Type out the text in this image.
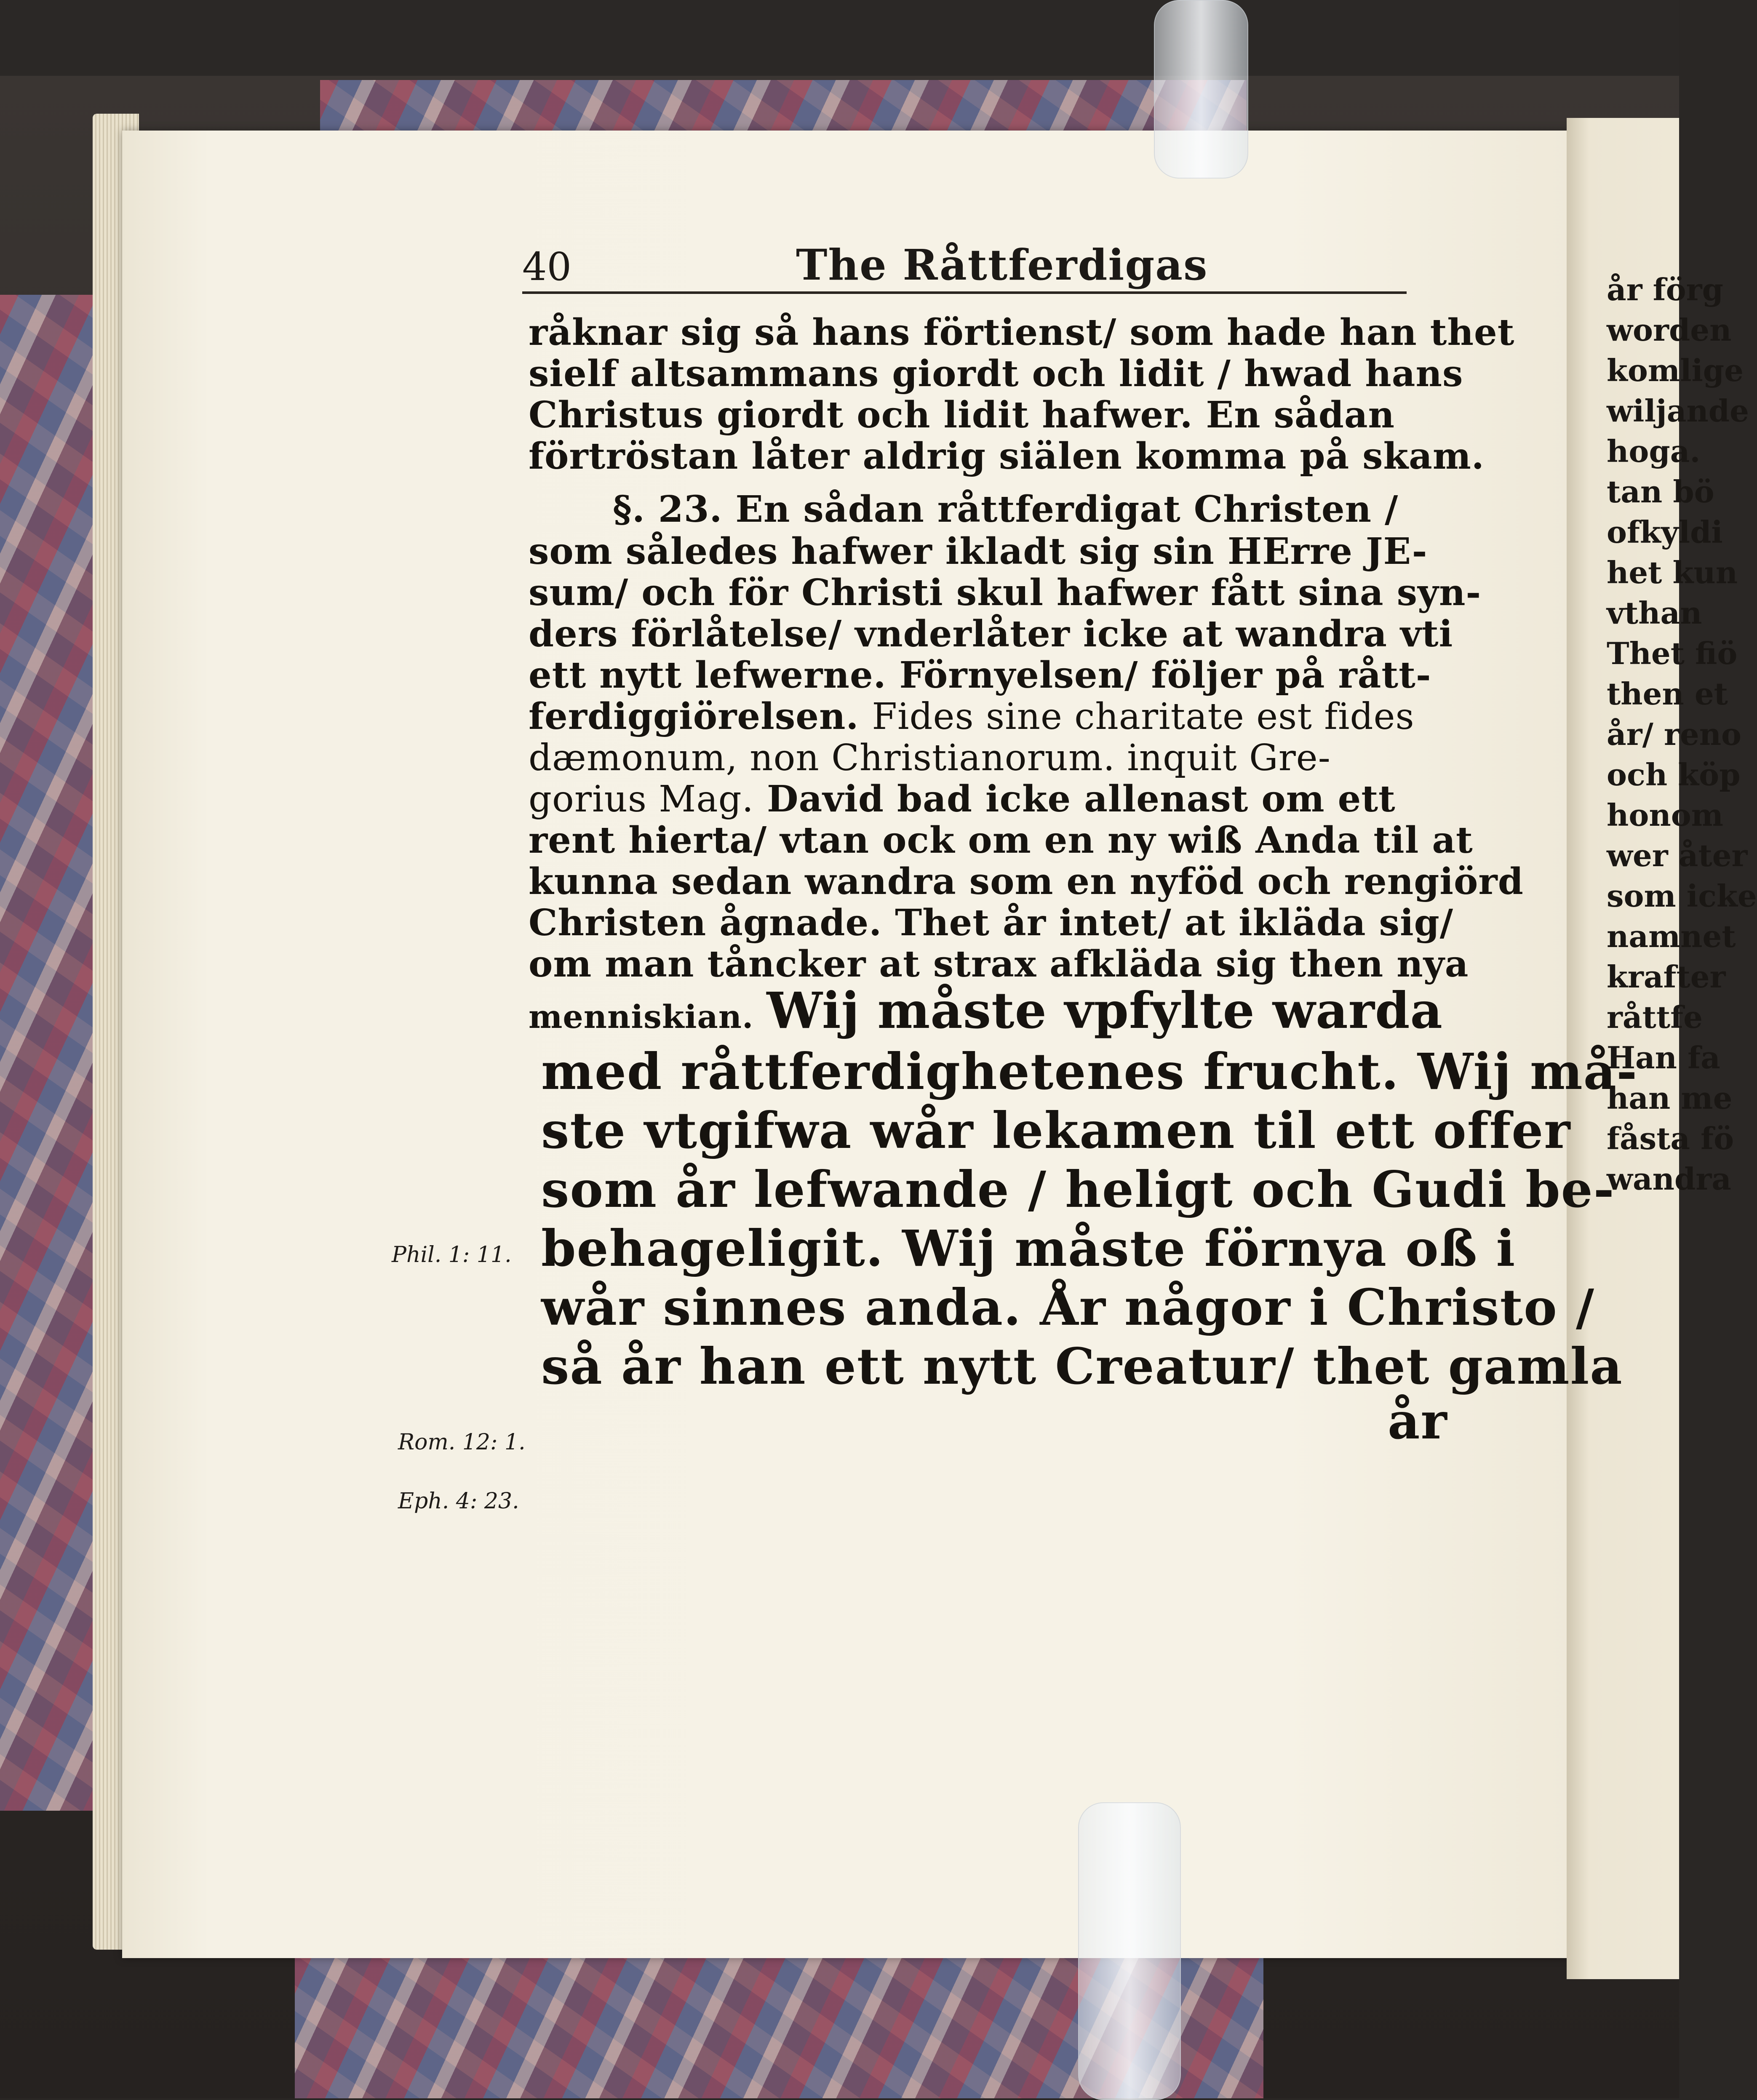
år förg
worden
komlige
wiljande
hoga.
tan bö
ofkyldi
het kun
vthan
Thet fiö
then et
år/ reno
och köp
honom
wer åter
som icke
namnet
krafter
råttfe
Han fa
han me
fåsta fö
wandra
40	The Råttferdigas
råknar sig så hans förtienst/ som hade han thet
sielf altsammans giordt och lidit / hwad hans
Christus giordt och lidit hafwer. En sådan
förtröstan låter aldrig siälen komma på skam.
§. 23. En sådan råttferdigat Christen /
som således hafwer ikladt sig sin HErre JE-
sum/ och för Christi skul hafwer fått sina syn-
ders förlåtelse/ vnderlåter icke at wandra vti
ett nytt lefwerne. Förnyelsen/ följer på rått-
ferdiggiörelsen. Fides sine charitate est fides
dæmonum, non Christianorum. inquit Gre-
gorius Mag. David bad icke allenast om ett
rent hierta/ vtan ock om en ny wiß Anda til at
kunna sedan wandra som en nyföd och rengiörd
Christen ågnade. Thet år intet/ at ikläda sig/
om man tåncker at strax afkläda sig then nya
menniskian. Wij måste vpfylte warda
med råttferdighetenes frucht. Wij må-
ste vtgifwa wår lekamen til ett offer
som år lefwande / heligt och Gudi be-
behageligit. Wij måste förnya oß i
wår sinnes anda. År någor i Christo /
så år han ett nytt Creatur/ thet gamla
år
Phil. 1: 11.
Rom. 12: 1.
Eph. 4: 23.
